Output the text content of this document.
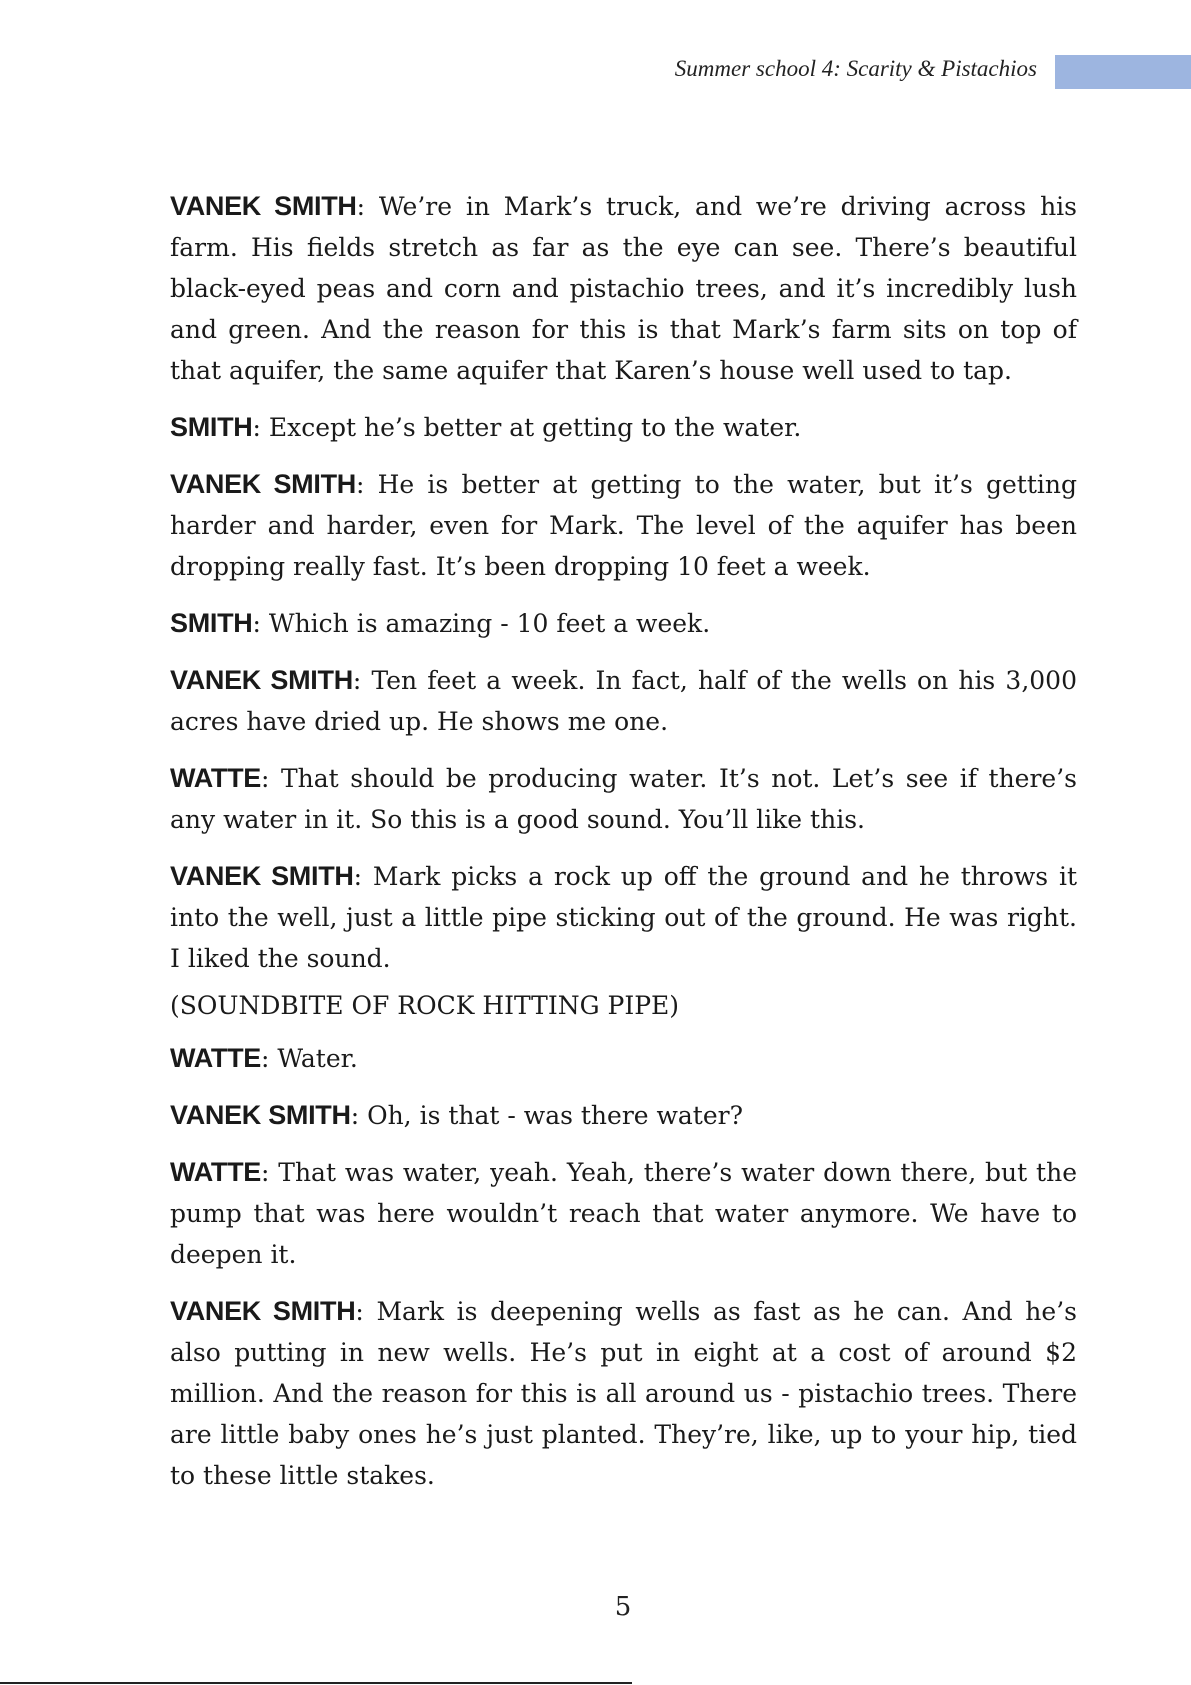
Summer school 4: Scarity & Pistachios

VANEK SMITH: We’re in Mark’s truck, and we’re driving across his farm. His fields stretch as far as the eye can see. There’s beautiful black-eyed peas and corn and pistachio trees, and it’s incredibly lush and green. And the reason for this is that Mark’s farm sits on top of that aquifer, the same aquifer that Karen’s house well used to tap.

SMITH: Except he’s better at getting to the water.

VANEK SMITH: He is better at getting to the water, but it’s getting harder and harder, even for Mark. The level of the aquifer has been dropping really fast. It’s been dropping 10 feet a week.

SMITH: Which is amazing - 10 feet a week.

VANEK SMITH: Ten feet a week. In fact, half of the wells on his 3,000 acres have dried up. He shows me one.

WATTE: That should be producing water. It’s not. Let’s see if there’s any water in it. So this is a good sound. You’ll like this.

VANEK SMITH: Mark picks a rock up off the ground and he throws it into the well, just a little pipe sticking out of the ground. He was right. I liked the sound.

(SOUNDBITE OF ROCK HITTING PIPE)

WATTE: Water.

VANEK SMITH: Oh, is that - was there water?

WATTE: That was water, yeah. Yeah, there’s water down there, but the pump that was here wouldn’t reach that water anymore. We have to deepen it.

VANEK SMITH: Mark is deepening wells as fast as he can. And he’s also putting in new wells. He’s put in eight at a cost of around $2 million. And the reason for this is all around us - pistachio trees. There are little baby ones he’s just planted. They’re, like, up to your hip, tied to these little stakes.

5
